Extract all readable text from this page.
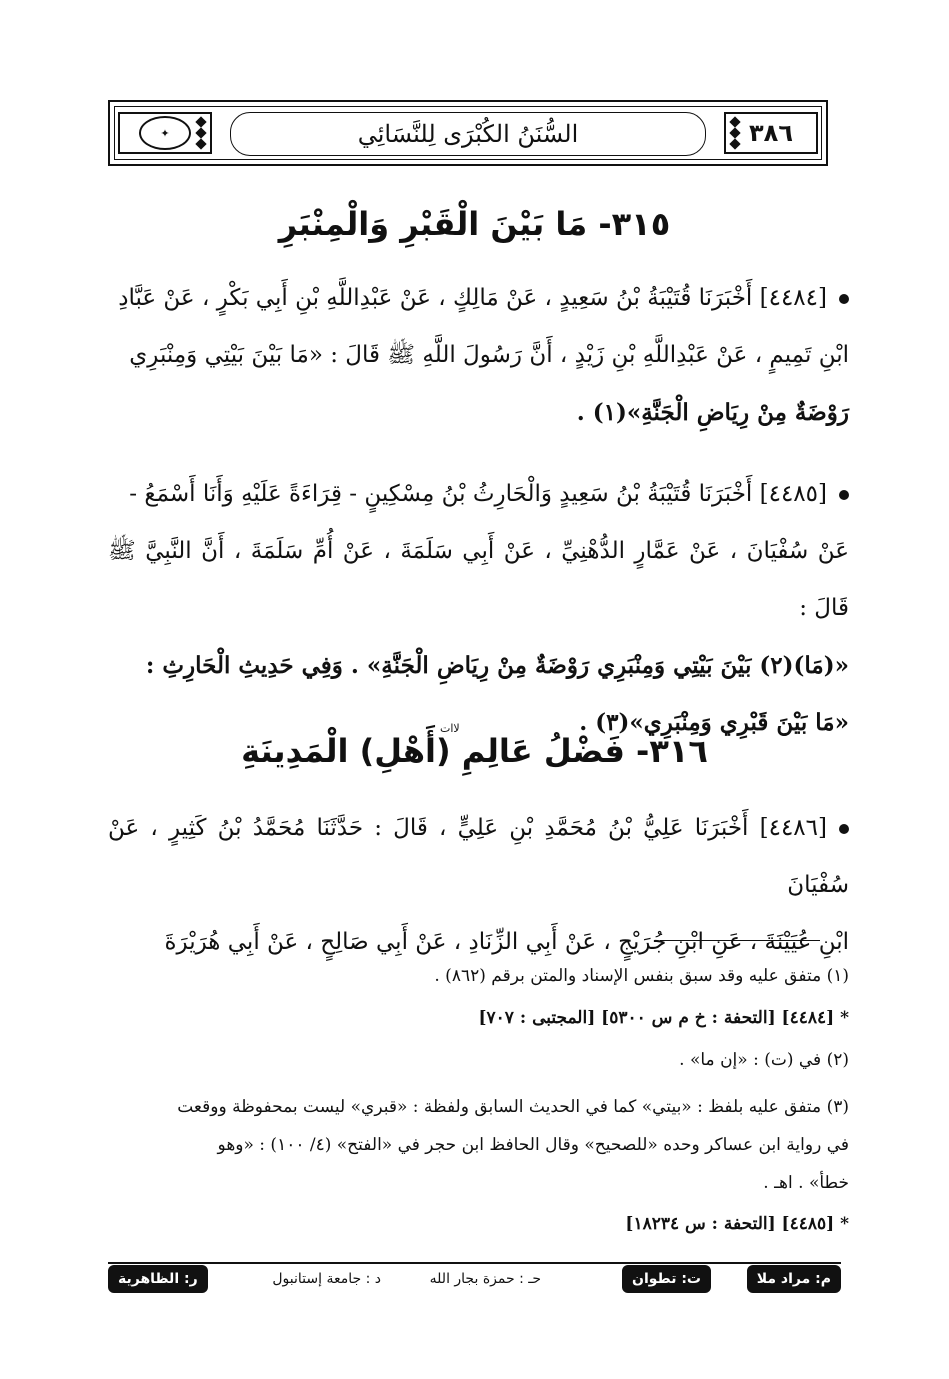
٣٨٦
السُّنَنُ الكُبْرَى لِلنَّسَائِي
✦
٣١٥- مَا بَيْنَ الْقَبْرِ وَالْمِنْبَرِ
[٤٤٨٤] أَخْبَرَنَا قُتَيْبَةُ بْنُ سَعِيدٍ ، عَنْ مَالِكٍ ، عَنْ عَبْدِاللَّهِ بْنِ أَبِي بَكْرٍ ، عَنْ عَبَّادِ
ابْنِ تَمِيمٍ ، عَنْ عَبْدِاللَّهِ بْنِ زَيْدٍ ، أَنَّ رَسُولَ اللَّهِ ﷺ قَالَ : «مَا بَيْنَ بَيْتِي وَمِنْبَرِي
رَوْضَةٌ مِنْ رِيَاضِ الْجَنَّةِ»(١) .
[٤٤٨٥] أَخْبَرَنَا قُتَيْبَةُ بْنُ سَعِيدٍ وَالْحَارِثُ بْنُ مِسْكِينٍ - قِرَاءَةً عَلَيْهِ وَأَنَا أَسْمَعُ -
عَنْ سُفْيَانَ ، عَنْ عَمَّارٍ الدُّهْنِيِّ ، عَنْ أَبِي سَلَمَةَ ، عَنْ أُمِّ سَلَمَةَ ، أَنَّ النَّبِيَّ ﷺ قَالَ :
«(مَا)(٢) بَيْنَ بَيْتِي وَمِنْبَرِي رَوْضَةٌ مِنْ رِيَاضِ الْجَنَّةِ» . وَفِي حَدِيثِ الْحَارِثِ :
«مَا بَيْنَ قَبْرِي وَمِنْبَرِي»(٣) .
لاات
٣١٦- فَضْلُ عَالِمِ (أَهْلِ) الْمَدِينَةِ
[٤٤٨٦] أَخْبَرَنَا عَلِيُّ بْنُ مُحَمَّدِ بْنِ عَلِيٍّ ، قَالَ : حَدَّثَنَا مُحَمَّدُ بْنُ كَثِيرٍ ، عَنْ سُفْيَانَ
ابْنِ عُيَيْنَةَ ، عَنِ ابْنِ جُرَيْجٍ ، عَنْ أَبِي الزِّنَادِ ، عَنْ أَبِي صَالِحٍ ، عَنْ أَبِي هُرَيْرَةَ
(١) متفق عليه وقد سبق بنفس الإسناد والمتن برقم (٨٦٢) .
* [٤٤٨٤] [التحفة : خ م س ٥٣٠٠] [المجتبى : ٧٠٧]
(٢) في (ت) : «إن ما» .
(٣) متفق عليه بلفظ : «بيتي» كما في الحديث السابق ولفظة : «قبري» ليست بمحفوظة ووقعت
في رواية ابن عساكر وحده «للصحيح» وقال الحافظ ابن حجر في «الفتح» (٤/ ١٠٠) : «وهو
خطأ» . اهـ .
* [٤٤٨٥] [التحفة : س ١٨٢٣٤]
م: مراد ملا
ت: تطوان
حـ : حمزة بجار الله
د : جامعة إستانبول
ر: الظاهرية
